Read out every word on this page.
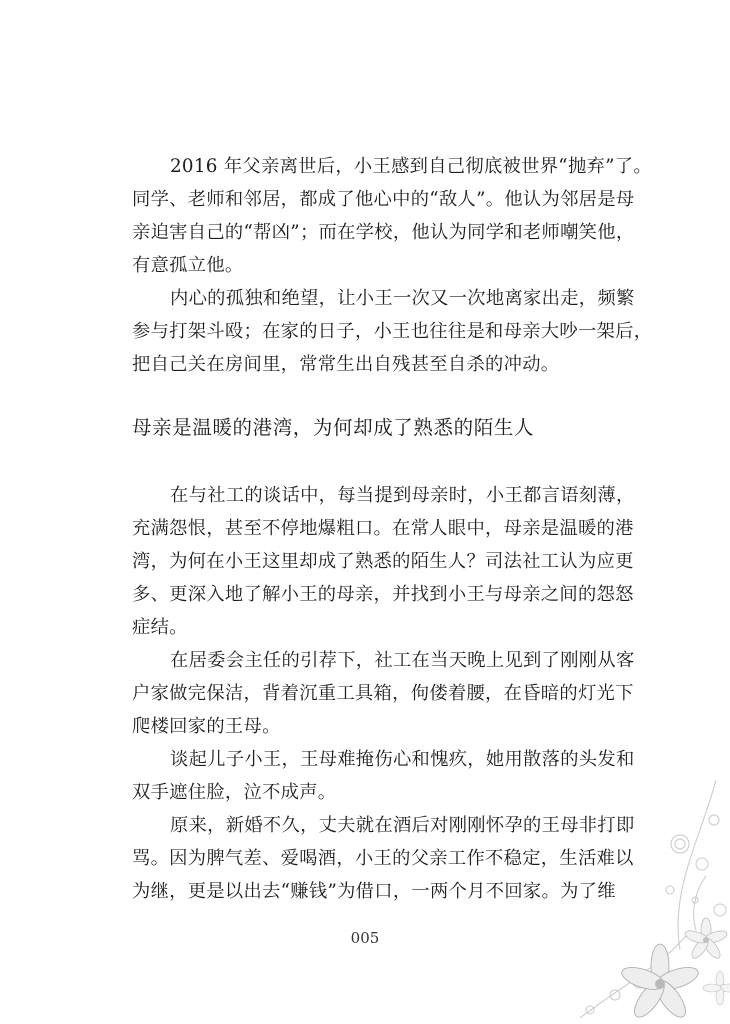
2016 年父亲离世后，小王感到自己彻底被世界“抛弃”了。
同学、老师和邻居，都成了他心中的“敌人”。他认为邻居是母
亲迫害自己的“帮凶”；而在学校，他认为同学和老师嘲笑他，
有意孤立他。
内心的孤独和绝望，让小王一次又一次地离家出走，频繁
参与打架斗殴；在家的日子，小王也往往是和母亲大吵一架后，
把自己关在房间里，常常生出自残甚至自杀的冲动。
母亲是温暖的港湾，为何却成了熟悉的陌生人
在与社工的谈话中，每当提到母亲时，小王都言语刻薄，
充满怨恨，甚至不停地爆粗口。在常人眼中，母亲是温暖的港
湾，为何在小王这里却成了熟悉的陌生人？司法社工认为应更
多、更深入地了解小王的母亲，并找到小王与母亲之间的怨怒
症结。
在居委会主任的引荐下，社工在当天晚上见到了刚刚从客
户家做完保洁，背着沉重工具箱，佝偻着腰，在昏暗的灯光下
爬楼回家的王母。
谈起儿子小王，王母难掩伤心和愧疚，她用散落的头发和
双手遮住脸，泣不成声。
原来，新婚不久，丈夫就在酒后对刚刚怀孕的王母非打即
骂。因为脾气差、爱喝酒，小王的父亲工作不稳定，生活难以
为继，更是以出去“赚钱”为借口，一两个月不回家。为了维
005
